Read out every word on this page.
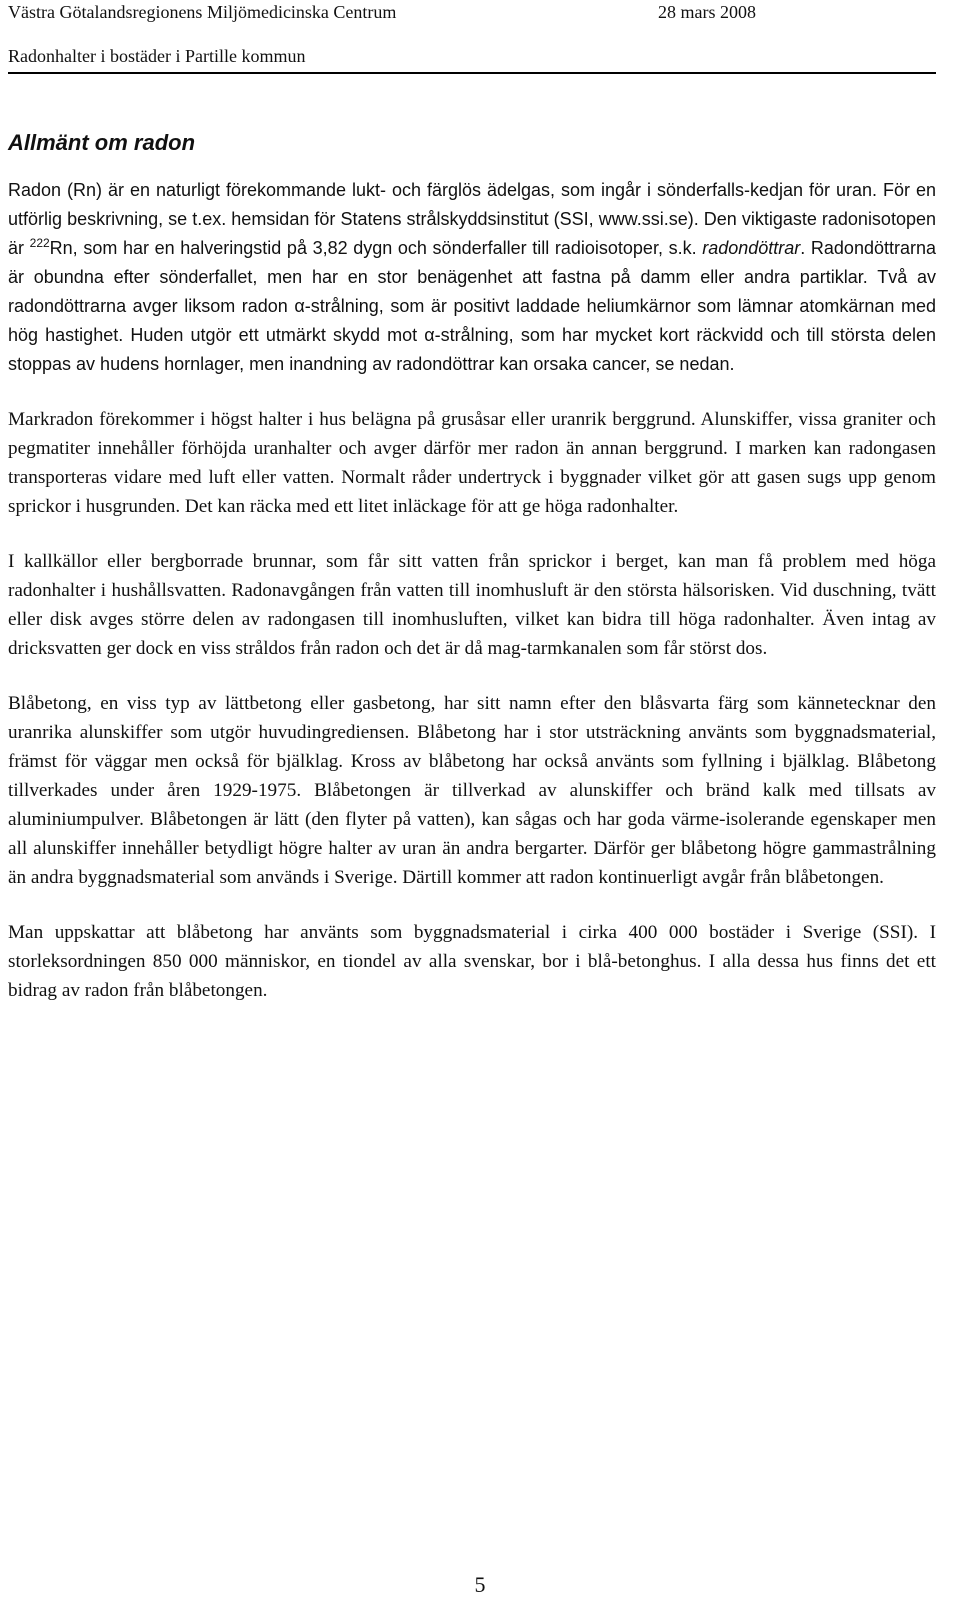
Västra Götalandsregionens Miljömedicinska Centrum	28 mars 2008
Radonhalter i bostäder i Partille kommun
Allmänt om radon

Radon (Rn) är en naturligt förekommande lukt- och färglös ädelgas, som ingår i sönderfalls-kedjan för uran. För en utförlig beskrivning, se t.ex. hemsidan för Statens strålskyddsinstitut (SSI, www.ssi.se). Den viktigaste radonisotopen är $^{222}$Rn, som har en halveringstid på 3,82 dygn och sönderfaller till radioisotoper, s.k. radondöttrar. Radondöttrarna är obundna efter sönderfallet, men har en stor benägenhet att fastna på damm eller andra partiklar. Två av radondöttrarna avger liksom radon α-strålning, som är positivt laddade heliumkärnor som lämnar atomkärnan med hög hastighet. Huden utgör ett utmärkt skydd mot α-strålning, som har mycket kort räckvidd och till största delen stoppas av hudens hornlager, men inandning av radondöttrar kan orsaka cancer, se nedan.

Markradon förekommer i högst halter i hus belägna på grusåsar eller uranrik berggrund. Alunskiffer, vissa graniter och pegmatiter innehåller förhöjda uranhalter och avger därför mer radon än annan berggrund. I marken kan radongasen transporteras vidare med luft eller vatten. Normalt råder undertryck i byggnader vilket gör att gasen sugs upp genom sprickor i husgrunden. Det kan räcka med ett litet inläckage för att ge höga radonhalter.

I kallkällor eller bergborrade brunnar, som får sitt vatten från sprickor i berget, kan man få problem med höga radonhalter i hushållsvatten. Radonavgången från vatten till inomhusluft är den största hälsorisken. Vid duschning, tvätt eller disk avges större delen av radongasen till inomhusluften, vilket kan bidra till höga radonhalter. Även intag av dricksvatten ger dock en viss stråldos från radon och det är då mag-tarmkanalen som får störst dos.

Blåbetong, en viss typ av lättbetong eller gasbetong, har sitt namn efter den blåsvarta färg som kännetecknar den uranrika alunskiffer som utgör huvudingrediensen. Blåbetong har i stor utsträckning använts som byggnadsmaterial, främst för väggar men också för bjälklag. Kross av blåbetong har också använts som fyllning i bjälklag. Blåbetong tillverkades under åren 1929-1975. Blåbetongen är tillverkad av alunskiffer och bränd kalk med tillsats av aluminiumpulver. Blåbetongen är lätt (den flyter på vatten), kan sågas och har goda värme-isolerande egenskaper men all alunskiffer innehåller betydligt högre halter av uran än andra bergarter. Därför ger blåbetong högre gammastrålning än andra byggnadsmaterial som används i Sverige. Därtill kommer att radon kontinuerligt avgår från blåbetongen.

Man uppskattar att blåbetong har använts som byggnadsmaterial i cirka 400 000 bostäder i Sverige (SSI). I storleksordningen 850 000 människor, en tiondel av alla svenskar, bor i blå-betonghus. I alla dessa hus finns det ett bidrag av radon från blåbetongen.

5
